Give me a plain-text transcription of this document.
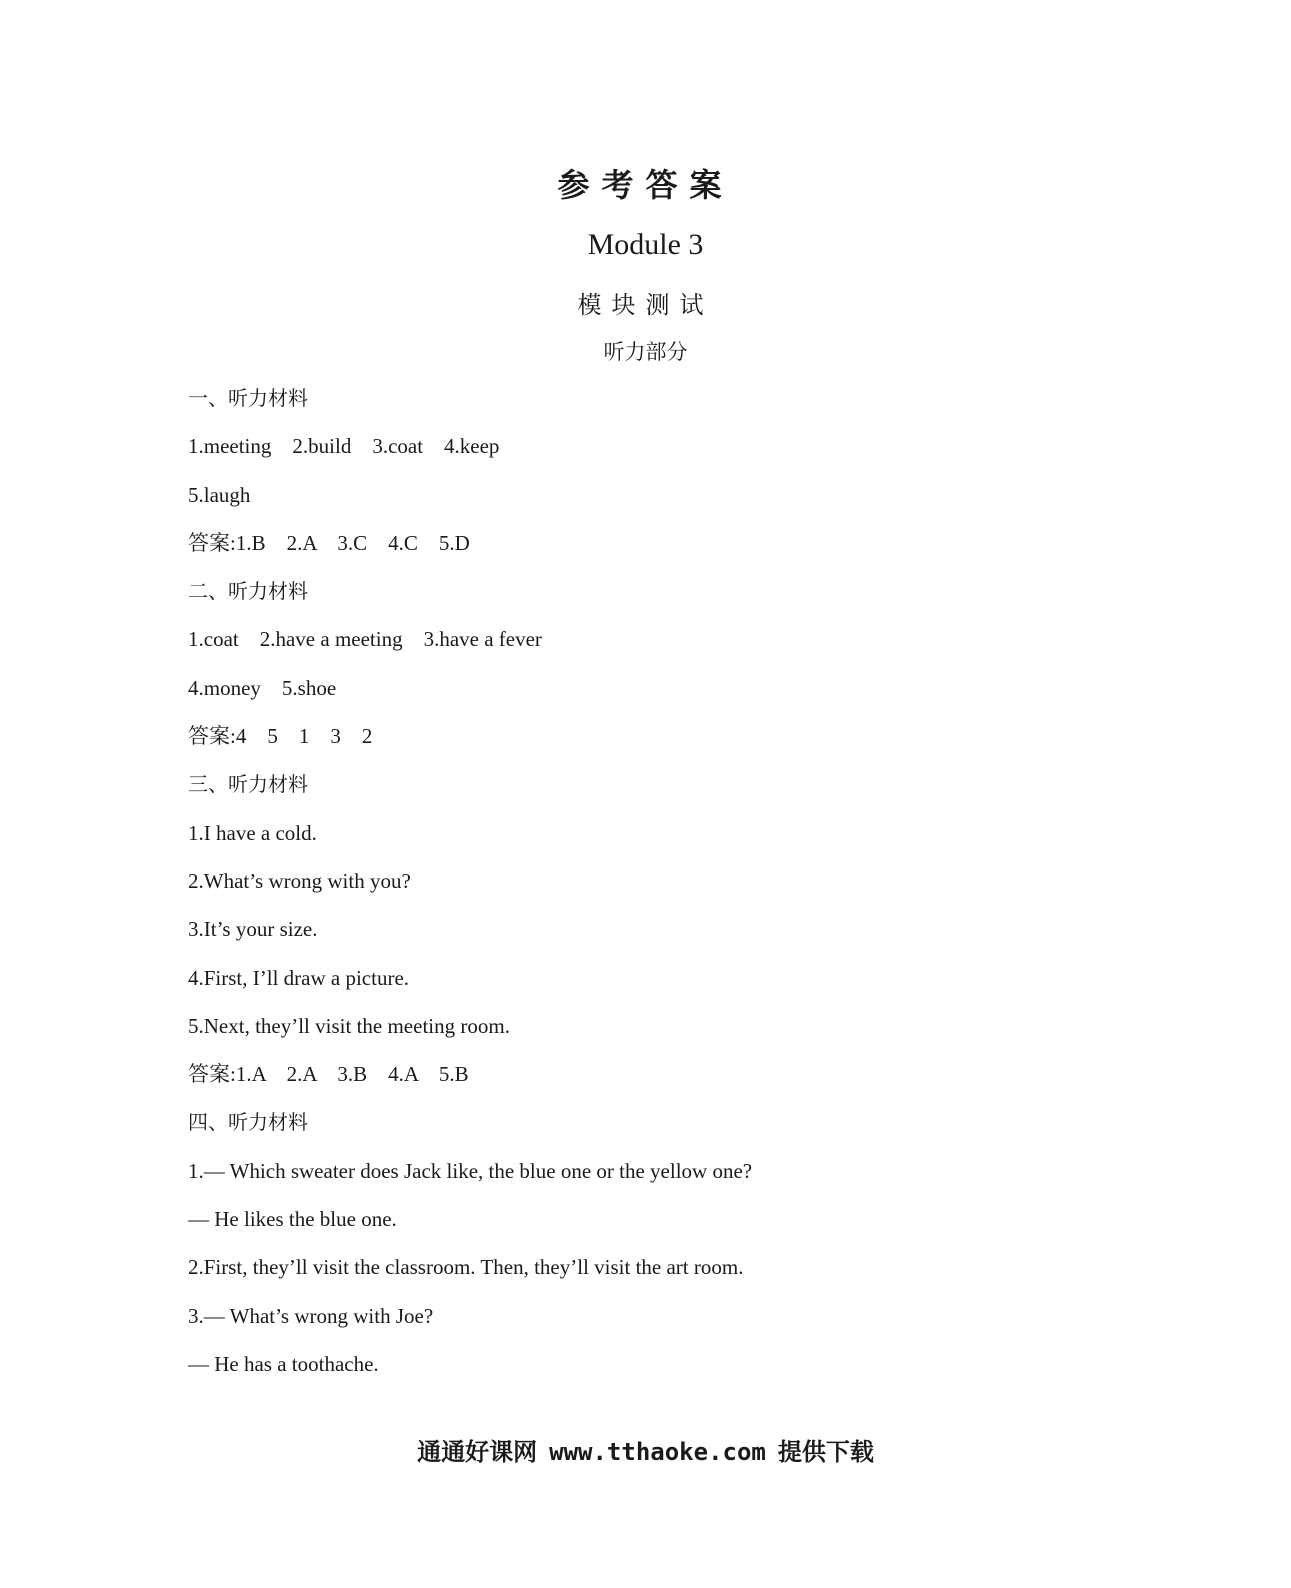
参考答案
Module 3
模块测试
听力部分
一、听力材料
1.meeting    2.build    3.coat    4.keep
5.laugh
答案:1.B    2.A    3.C    4.C    5.D
二、听力材料
1.coat    2.have a meeting    3.have a fever
4.money    5.shoe
答案:4    5    1    3    2
三、听力材料
1.I have a cold.
2.What’s wrong with you?
3.It’s your size.
4.First, I’ll draw a picture.
5.Next, they’ll visit the meeting room.
答案:1.A    2.A    3.B    4.A    5.B
四、听力材料
1.— Which sweater does Jack like, the blue one or the yellow one?
— He likes the blue one.
2.First, they’ll visit the classroom. Then, they’ll visit the art room.
3.— What’s wrong with Joe?
— He has a toothache.
通通好课网 www.tthaoke.com 提供下载
